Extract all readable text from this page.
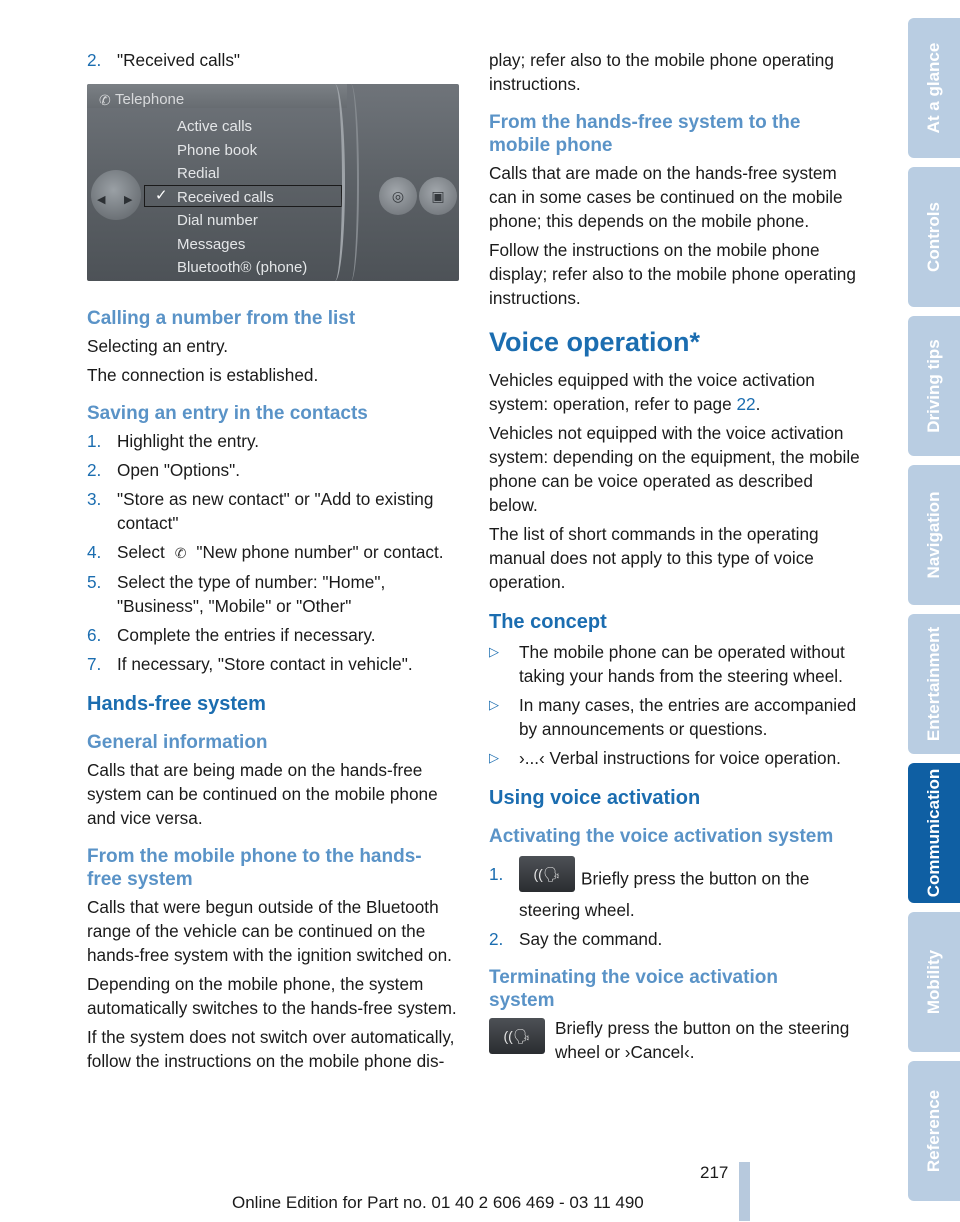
2. "Received calls"
✆ Telephone
◀ ▶ ✓
Active calls
Phone book
Redial
Received calls
Dial number
Messages
Bluetooth® (phone)
◎	▣
Calling a number from the list
Selecting an entry.
The connection is established.
Saving an entry in the contacts
1. Highlight the entry.
2. Open "Options".
3. "Store as new contact" or "Add to existing contact"
4. Select ✆ "New phone number" or contact.
5. Select the type of number: "Home", "Business", "Mobile" or "Other"
6. Complete the entries if necessary.
7. If necessary, "Store contact in vehicle".
Hands-free system
General information
Calls that are being made on the hands-free system can be continued on the mobile phone and vice versa.
From the mobile phone to the hands-
free system
Calls that were begun outside of the Bluetooth range of the vehicle can be continued on the hands-free system with the ignition switched on.
Depending on the mobile phone, the system automatically switches to the hands-free system.
If the system does not switch over automatically, follow the instructions on the mobile phone dis-
play; refer also to the mobile phone operating instructions.
From the hands-free system to the
mobile phone
Calls that are made on the hands-free system can in some cases be continued on the mobile phone; this depends on the mobile phone.
Follow the instructions on the mobile phone display; refer also to the mobile phone operating instructions.
Voice operation*
Vehicles equipped with the voice activation system: operation, refer to page 22.
Vehicles not equipped with the voice activation system: depending on the equipment, the mobile phone can be voice operated as described below.
The list of short commands in the operating manual does not apply to this type of voice operation.
The concept
▷	The mobile phone can be operated without taking your hands from the steering wheel.
▷	In many cases, the entries are accompanied by announcements or questions.
▷	›...‹ Verbal instructions for voice operation.
Using voice activation
Activating the voice activation system
1.	((🗣 Briefly press the button on the steering wheel.
2. Say the command.
Terminating the voice activation
system
((🗣	Briefly press the button on the steering wheel or ›Cancel‹.
At a glance
Controls
Driving tips
Navigation
Entertainment
Communication
Mobility
Reference
217
Online Edition for Part no. 01 40 2 606 469 - 03 11 490
